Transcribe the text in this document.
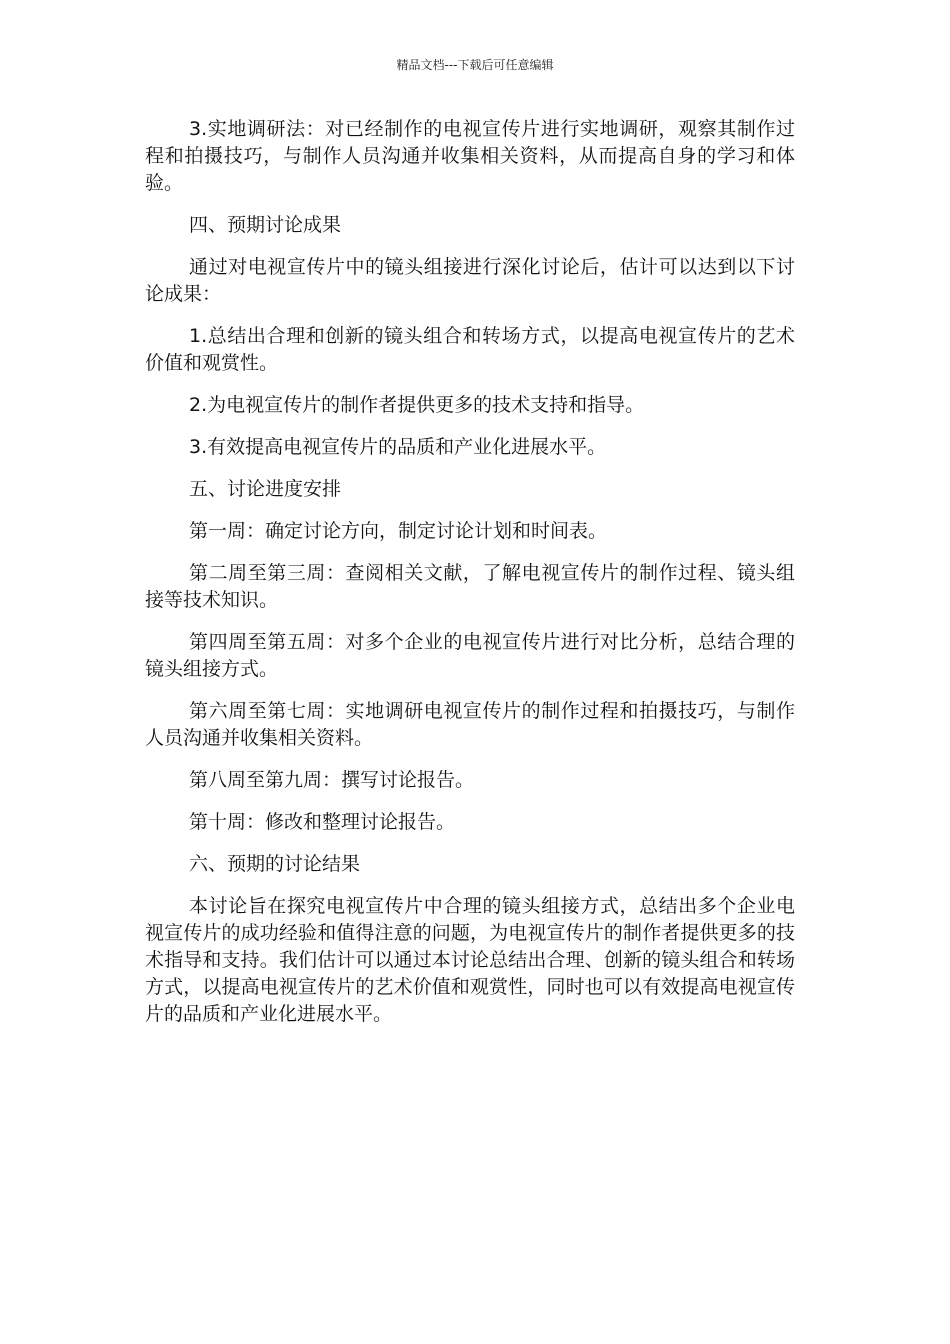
精品文档---下载后可任意编辑

3.实地调研法：对已经制作的电视宣传片进行实地调研，观察其制作过程和拍摄技巧，与制作人员沟通并收集相关资料，从而提高自身的学习和体验。

四、预期讨论成果

通过对电视宣传片中的镜头组接进行深化讨论后，估计可以达到以下讨论成果：

1.总结出合理和创新的镜头组合和转场方式，以提高电视宣传片的艺术价值和观赏性。

2.为电视宣传片的制作者提供更多的技术支持和指导。

3.有效提高电视宣传片的品质和产业化进展水平。

五、讨论进度安排

第一周：确定讨论方向，制定讨论计划和时间表。

第二周至第三周：查阅相关文献，了解电视宣传片的制作过程、镜头组接等技术知识。

第四周至第五周：对多个企业的电视宣传片进行对比分析，总结合理的镜头组接方式。

第六周至第七周：实地调研电视宣传片的制作过程和拍摄技巧，与制作人员沟通并收集相关资料。

第八周至第九周：撰写讨论报告。

第十周：修改和整理讨论报告。

六、预期的讨论结果

本讨论旨在探究电视宣传片中合理的镜头组接方式，总结出多个企业电视宣传片的成功经验和值得注意的问题，为电视宣传片的制作者提供更多的技术指导和支持。我们估计可以通过本讨论总结出合理、创新的镜头组合和转场方式，以提高电视宣传片的艺术价值和观赏性，同时也可以有效提高电视宣传片的品质和产业化进展水平。
